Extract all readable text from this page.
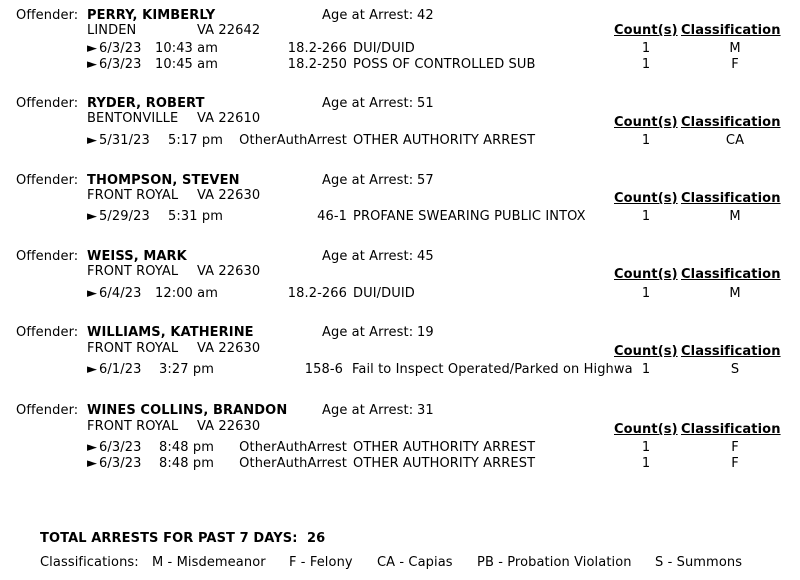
Offender: PERRY, KIMBERLY	Age at Arrest: 42
LINDEN	VA 22642	Count(s) Classification
► 6/3/23	10:43 am	18.2-266 DUI/DUID	1	M
► 6/3/23	10:45 am	18.2-250 POSS OF CONTROLLED SUB	1	F
Offender: RYDER, ROBERT	Age at Arrest: 51
BENTONVILLE VA 22610	Count(s) Classification
► 5/31/23	5:17 pm	OtherAuthArrest OTHER AUTHORITY ARREST	1	CA
Offender: THOMPSON, STEVEN	Age at Arrest: 57
FRONT ROYAL VA 22630	Count(s) Classification
► 5/29/23	5:31 pm	46-1 PROFANE SWEARING PUBLIC INTOX	1	M
Offender: WEISS, MARK	Age at Arrest: 45
FRONT ROYAL VA 22630	Count(s) Classification
► 6/4/23	12:00 am	18.2-266 DUI/DUID	1	M
Offender: WILLIAMS, KATHERINE	Age at Arrest: 19
FRONT ROYAL VA 22630	Count(s) Classification
► 6/1/23	3:27 pm	158-6 Fail to Inspect Operated/Parked on Highwa 1	S
Offender: WINES COLLINS, BRANDON	Age at Arrest: 31
FRONT ROYAL VA 22630	Count(s) Classification
► 6/3/23	8:48 pm	OtherAuthArrest OTHER AUTHORITY ARREST	1	F
► 6/3/23	8:48 pm	OtherAuthArrest OTHER AUTHORITY ARREST	1	F
TOTAL ARRESTS FOR PAST 7 DAYS: 26
Classifications: M - Misdemeanor F - Felony CA - Capias PB - Probation Violation S - Summons
